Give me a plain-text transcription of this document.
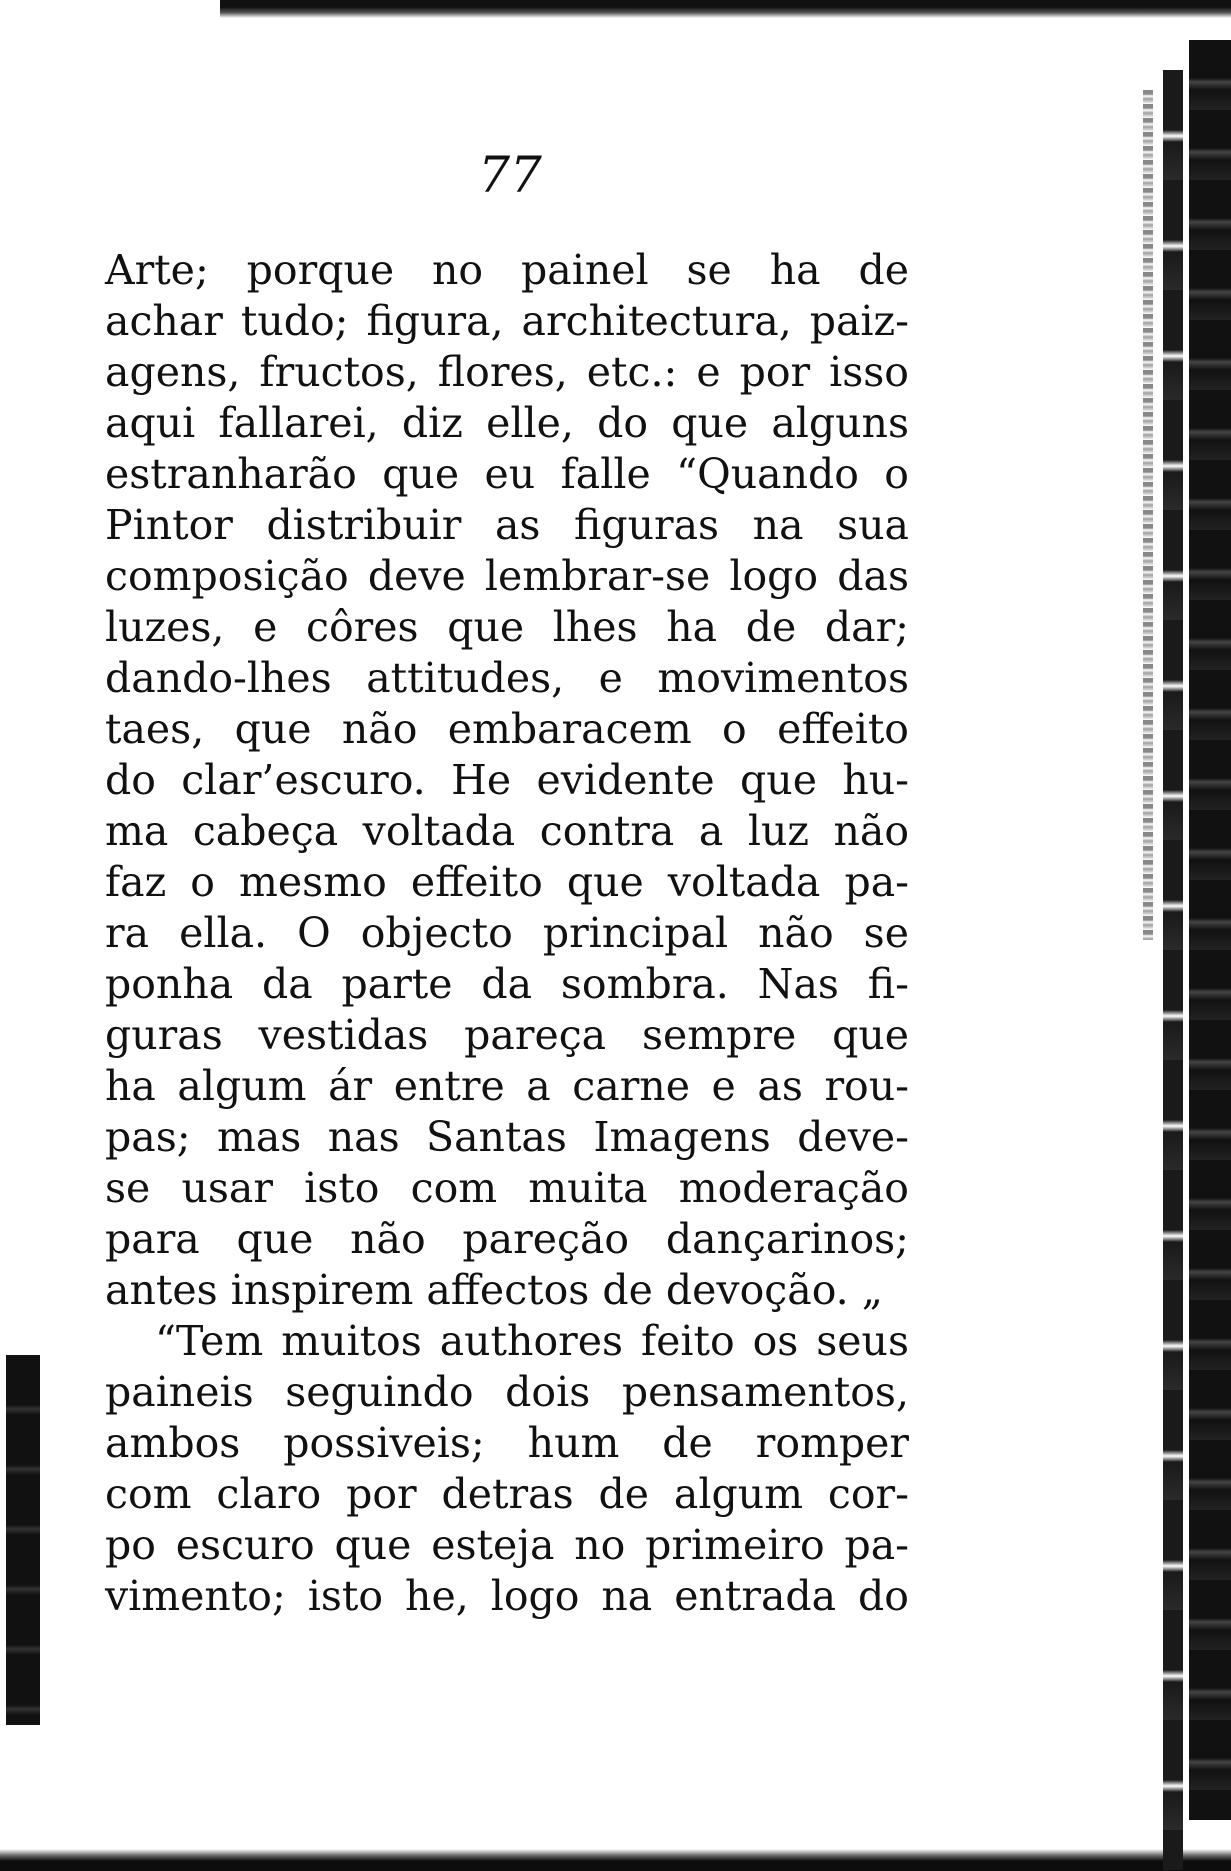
77
Arte; porque no painel se ha de
achar tudo; figura, architectura, paiz-
agens, fructos, flores, etc.: e por isso
aqui fallarei, diz elle, do que alguns
estranharão que eu falle “Quando o
Pintor distribuir as figuras na sua
composição deve lembrar-se logo das
luzes, e côres que lhes ha de dar;
dando-lhes attitudes, e movimentos
taes, que não embaracem o effeito
do clar’escuro. He evidente que hu-
ma cabeça voltada contra a luz não
faz o mesmo effeito que voltada pa-
ra ella. O objecto principal não se
ponha da parte da sombra. Nas fi-
guras vestidas pareça sempre que
ha algum ár entre a carne e as rou-
pas; mas nas Santas Imagens deve-
se usar isto com muita moderação
para que não pareção dançarinos;
antes inspirem affectos de devoção. „
“Tem muitos authores feito os seus
paineis seguindo dois pensamentos,
ambos possiveis; hum de romper
com claro por detras de algum cor-
po escuro que esteja no primeiro pa-
vimento; isto he, logo na entrada do
